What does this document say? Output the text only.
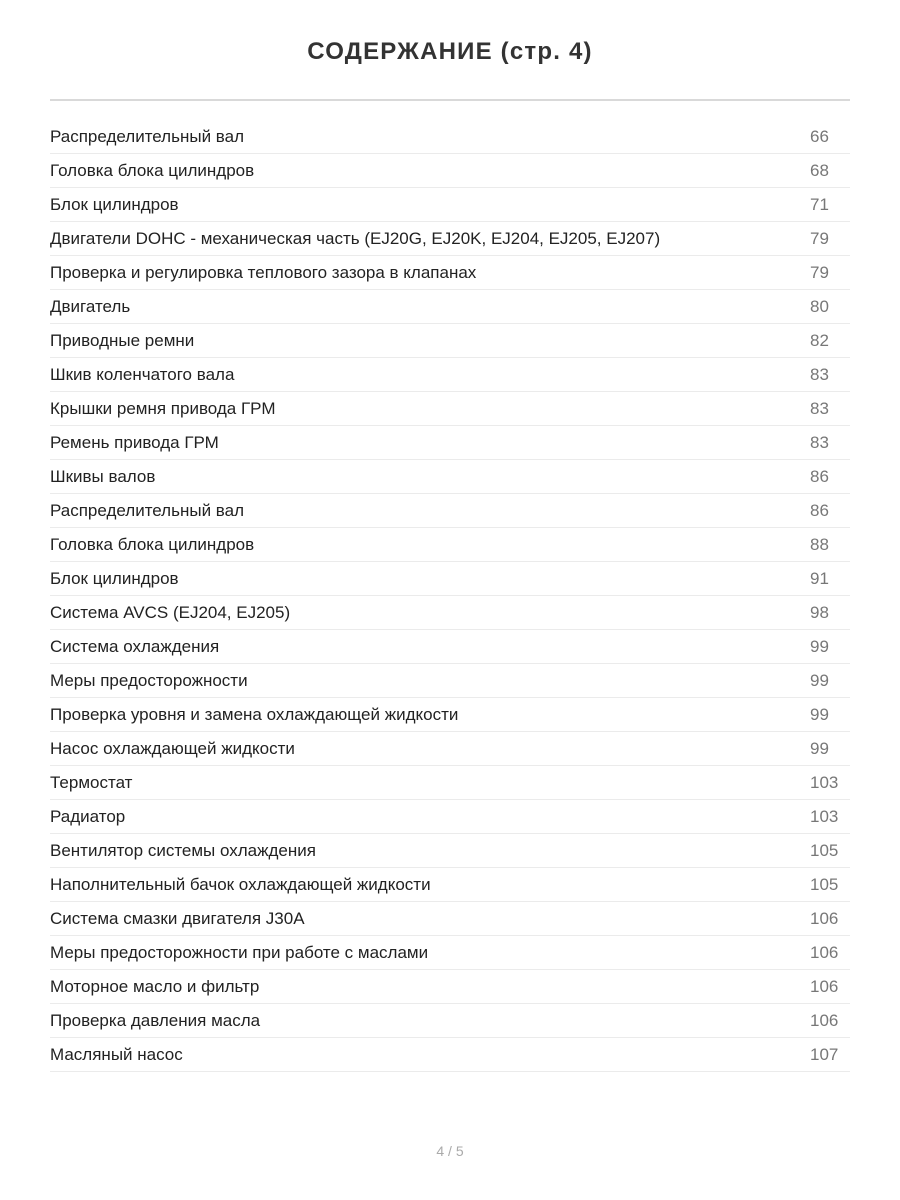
СОДЕРЖАНИЕ (стр. 4)
Распределительный вал	66
Головка блока цилиндров	68
Блок цилиндров	71
Двигатели DOHC - механическая часть (EJ20G, EJ20K, EJ204, EJ205, EJ207)	79
Проверка и регулировка теплового зазора в клапанах	79
Двигатель	80
Приводные ремни	82
Шкив коленчатого вала	83
Крышки ремня привода ГРМ	83
Ремень привода ГРМ	83
Шкивы валов	86
Распределительный вал	86
Головка блока цилиндров	88
Блок цилиндров	91
Система AVCS (EJ204, EJ205)	98
Система охлаждения	99
Меры предосторожности	99
Проверка уровня и замена охлаждающей жидкости	99
Насос охлаждающей жидкости	99
Термостат	103
Радиатор	103
Вентилятор системы охлаждения	105
Наполнительный бачок охлаждающей жидкости	105
Система смазки двигателя J30A	106
Меры предосторожности при работе с маслами	106
Моторное масло и фильтр	106
Проверка давления масла	106
Масляный насос	107
4 / 5
